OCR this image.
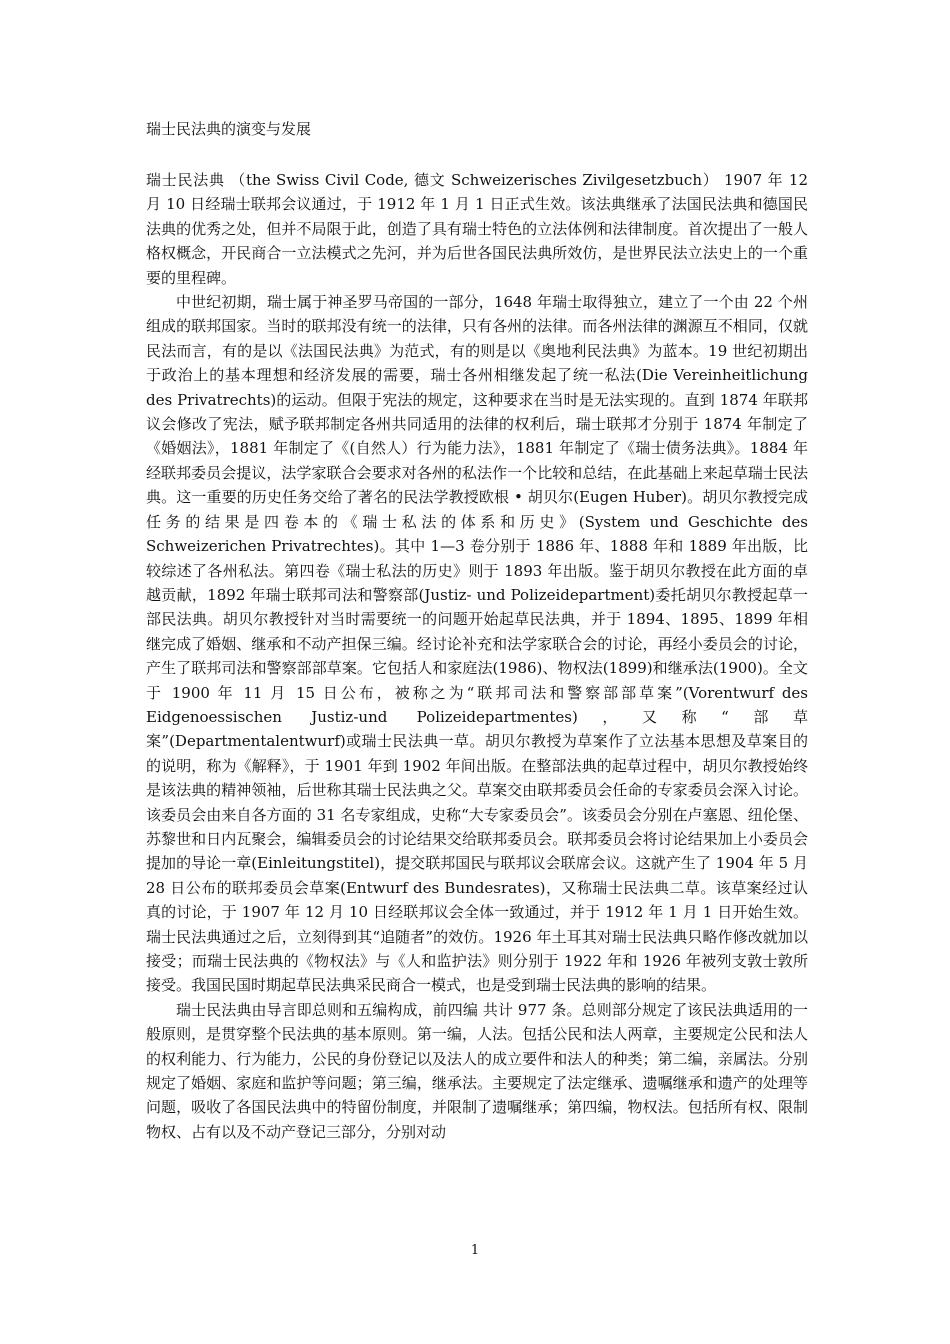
瑞士民法典的演变与发展

瑞士民法典 （the Swiss Civil Code, 德文 Schweizerisches Zivilgesetzbuch） 1907 年 12 月 10 日经瑞士联邦会议通过，于 1912 年 1 月 1 日正式生效。该法典继承了法国民法典和德国民法典的优秀之处，但并不局限于此，创造了具有瑞士特色的立法体例和法律制度。首次提出了一般人格权概念，开民商合一立法模式之先河，并为后世各国民法典所效仿，是世界民法立法史上的一个重要的里程碑。

中世纪初期，瑞士属于神圣罗马帝国的一部分，1648 年瑞士取得独立，建立了一个由 22 个州组成的联邦国家。当时的联邦没有统一的法律，只有各州的法律。而各州法律的渊源互不相同，仅就民法而言，有的是以《法国民法典》为范式，有的则是以《奥地利民法典》为蓝本。19 世纪初期出于政治上的基本理想和经济发展的需要，瑞士各州相继发起了统一私法(Die Vereinheitlichung des Privatrechts)的运动。但限于宪法的规定，这种要求在当时是无法实现的。直到 1874 年联邦议会修改了宪法，赋予联邦制定各州共同适用的法律的权利后，瑞士联邦才分别于 1874 年制定了《婚姻法》，1881 年制定了《(自然人）行为能力法》，1881 年制定了《瑞士债务法典》。1884 年经联邦委员会提议，法学家联合会要求对各州的私法作一个比较和总结，在此基础上来起草瑞士民法典。这一重要的历史任务交给了著名的民法学教授欧根 • 胡贝尔(Eugen Huber)。胡贝尔教授完成任务的结果是四卷本的《瑞士私法的体系和历史》(System und Geschichte des Schweizerichen Privatrechtes)。其中 1—3 卷分别于 1886 年、1888 年和 1889 年出版，比较综述了各州私法。第四卷《瑞士私法的历史》则于 1893 年出版。鉴于胡贝尔教授在此方面的卓越贡献，1892 年瑞士联邦司法和警察部(Justiz- und Polizeidepartment)委托胡贝尔教授起草一部民法典。胡贝尔教授针对当时需要统一的问题开始起草民法典，并于 1894、1895、1899 年相继完成了婚姻、继承和不动产担保三编。经讨论补充和法学家联合会的讨论，再经小委员会的讨论，产生了联邦司法和警察部部草案。它包括人和家庭法(1986)、物权法(1899)和继承法(1900)。全文于 1900 年 11 月 15 日公布，被称之为“联邦司法和警察部部草案”(Vorentwurf des Eidgenoessischen Justiz-und Polizeidepartmentes)，又称“部草案”(Departmentalentwurf)或瑞士民法典一草。胡贝尔教授为草案作了立法基本思想及草案目的的说明，称为《解释》，于 1901 年到 1902 年间出版。在整部法典的起草过程中，胡贝尔教授始终是该法典的精神领袖，后世称其瑞士民法典之父。草案交由联邦委员会任命的专家委员会深入讨论。该委员会由来自各方面的 31 名专家组成，史称“大专家委员会”。该委员会分别在卢塞恩、纽伦堡、苏黎世和日内瓦聚会，编辑委员会的讨论结果交给联邦委员会。联邦委员会将讨论结果加上小委员会提加的导论一章(Einleitungstitel)，提交联邦国民与联邦议会联席会议。这就产生了 1904 年 5 月 28 日公布的联邦委员会草案(Entwurf des Bundesrates)，又称瑞士民法典二草。该草案经过认真的讨论，于 1907 年 12 月 10 日经联邦议会全体一致通过，并于 1912 年 1 月 1 日开始生效。瑞士民法典通过之后，立刻得到其“追随者”的效仿。1926 年土耳其对瑞士民法典只略作修改就加以接受；而瑞士民法典的《物权法》与《人和监护法》则分别于 1922 年和 1926 年被列支敦士敦所接受。我国民国时期起草民法典采民商合一模式，也是受到瑞士民法典的影响的结果。

瑞士民法典由导言即总则和五编构成，前四编 共计 977 条。总则部分规定了该民法典适用的一般原则，是贯穿整个民法典的基本原则。第一编，人法。包括公民和法人两章，主要规定公民和法人的权利能力、行为能力，公民的身份登记以及法人的成立要件和法人的种类；第二编，亲属法。分别规定了婚姻、家庭和监护等问题；第三编，继承法。主要规定了法定继承、遗嘱继承和遗产的处理等问题，吸收了各国民法典中的特留份制度，并限制了遗嘱继承；第四编，物权法。包括所有权、限制物权、占有以及不动产登记三部分，分别对动

1
